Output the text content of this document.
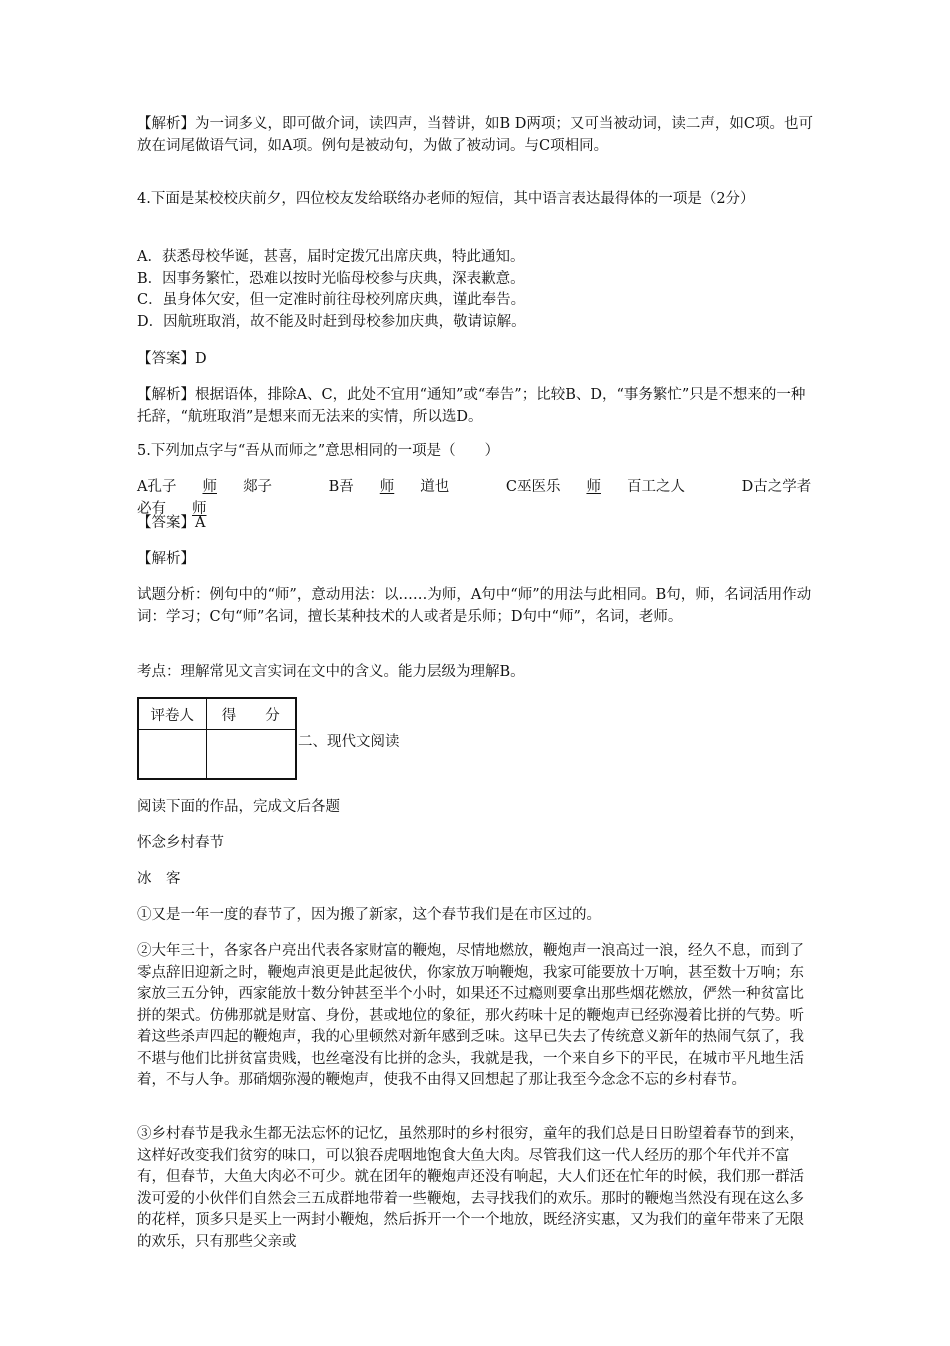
【解析】为一词多义，即可做介词，读四声，当替讲，如B D两项；又可当被动词，读二声，如C项。也可放在词尾做语气词，如A项。例句是被动句，为做了被动词。与C项相同。

4.下面是某校校庆前夕，四位校友发给联络办老师的短信，其中语言表达最得体的一项是（2分）

A．获悉母校华诞，甚喜，届时定拨冗出席庆典，特此通知。
B．因事务繁忙，恐难以按时光临母校参与庆典，深表歉意。
C．虽身体欠安，但一定准时前往母校列席庆典，谨此奉告。
D．因航班取消，故不能及时赶到母校参加庆典，敬请谅解。

【答案】D

【解析】根据语体，排除A、C，此处不宜用“通知”或“奉告”；比较B、D，“事务繁忙”只是不想来的一种托辞，“航班取消”是想来而无法来的实情，所以选D。

5.下列加点字与“吾从而师之”意思相同的一项是（　　）

A孔子 师 郯子	B吾 师 道也	C巫医乐 师 百工之人	D古之学者必有 师

【答案】A

【解析】

试题分析：例句中的“师”，意动用法：以……为师，A句中“师”的用法与此相同。B句，师，名词活用作动词：学习；C句“师”名词，擅长某种技术的人或者是乐师；D句中“师”，名词，老师。

考点：理解常见文言实词在文中的含义。能力层级为理解B。

评卷人	得　　分

二、现代文阅读

阅读下面的作品，完成文后各题

怀念乡村春节

冰　客

①又是一年一度的春节了，因为搬了新家，这个春节我们是在市区过的。

②大年三十，各家各户亮出代表各家财富的鞭炮，尽情地燃放，鞭炮声一浪高过一浪，经久不息，而到了零点辞旧迎新之时，鞭炮声浪更是此起彼伏，你家放万响鞭炮，我家可能要放十万响，甚至数十万响；东家放三五分钟，西家能放十数分钟甚至半个小时，如果还不过瘾则要拿出那些烟花燃放，俨然一种贫富比拼的架式。仿佛那就是财富、身份，甚或地位的象征，那火药味十足的鞭炮声已经弥漫着比拼的气势。听着这些杀声四起的鞭炮声，我的心里顿然对新年感到乏味。这早已失去了传统意义新年的热闹气氛了，我不堪与他们比拼贫富贵贱，也丝毫没有比拼的念头，我就是我，一个来自乡下的平民，在城市平凡地生活着，不与人争。那硝烟弥漫的鞭炮声，使我不由得又回想起了那让我至今念念不忘的乡村春节。

③乡村春节是我永生都无法忘怀的记忆，虽然那时的乡村很穷，童年的我们总是日日盼望着春节的到来，这样好改变我们贫穷的味口，可以狼吞虎咽地饱食大鱼大肉。尽管我们这一代人经历的那个年代并不富有，但春节，大鱼大肉必不可少。就在团年的鞭炮声还没有响起，大人们还在忙年的时候，我们那一群活泼可爱的小伙伴们自然会三五成群地带着一些鞭炮，去寻找我们的欢乐。那时的鞭炮当然没有现在这么多的花样，顶多只是买上一两封小鞭炮，然后拆开一个一个地放，既经济实惠，又为我们的童年带来了无限的欢乐，只有那些父亲或
